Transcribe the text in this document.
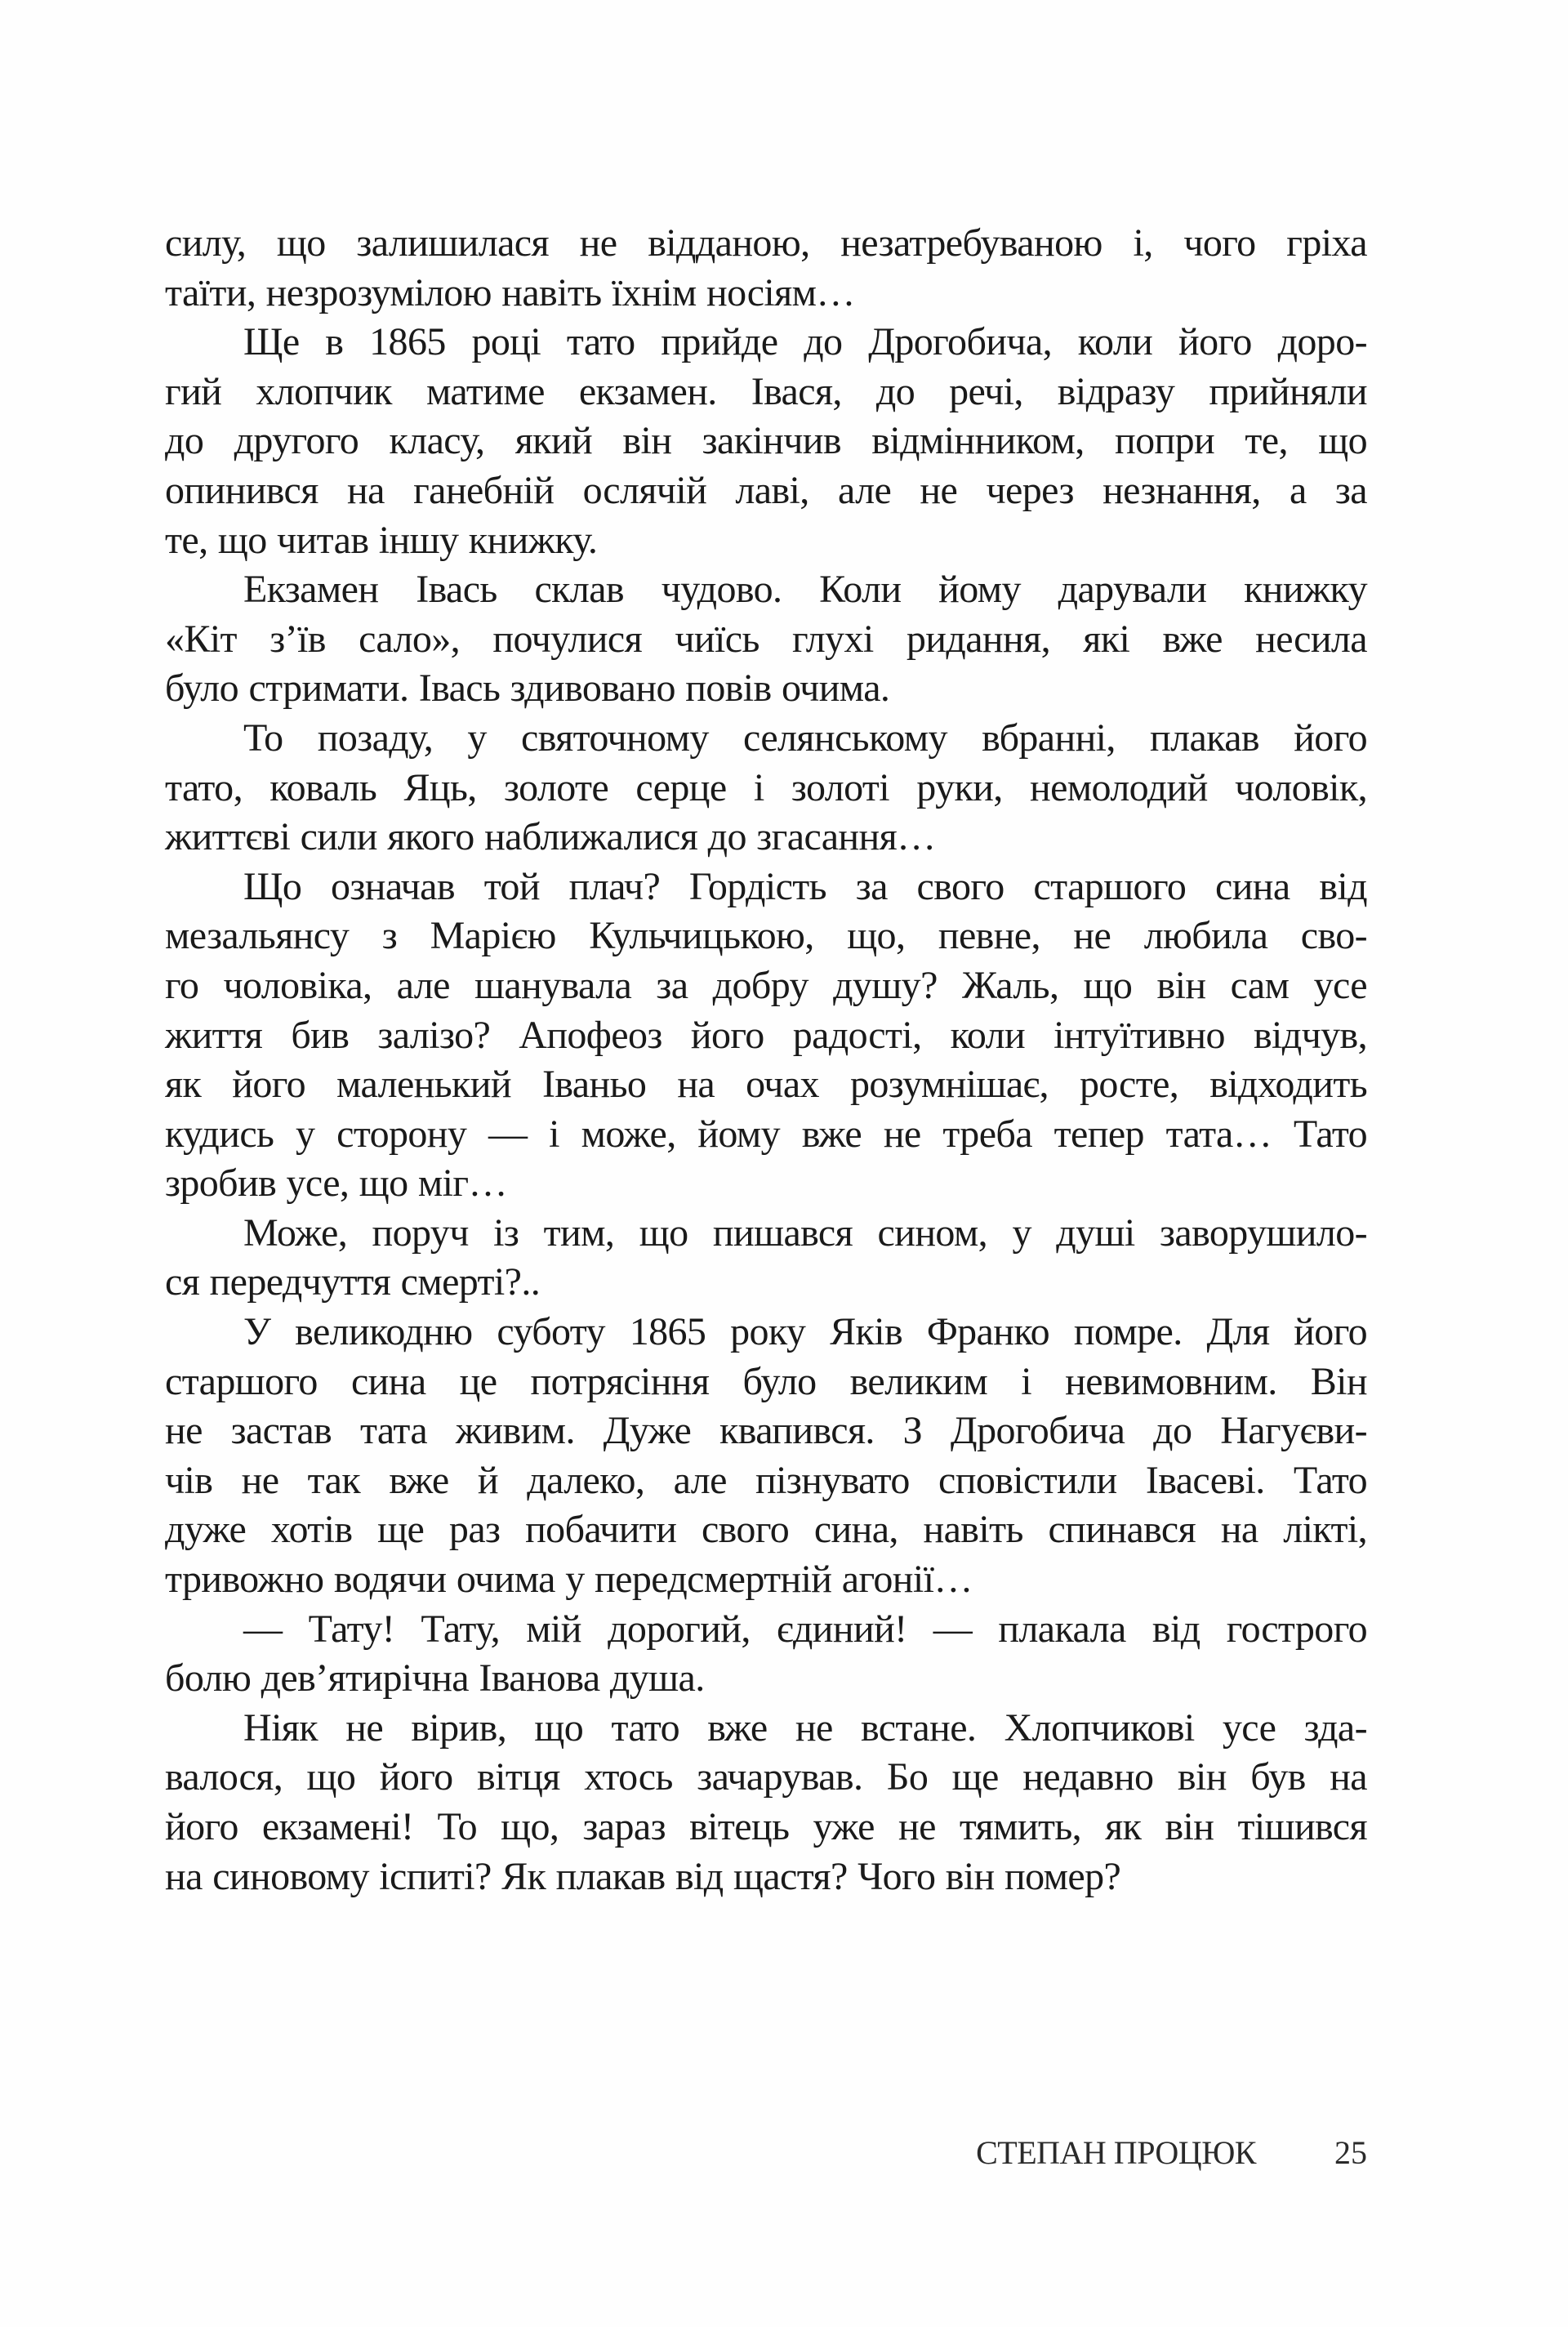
силу, що залишилася не відданою, незатребуваною і, чого гріха
таїти, незрозумілою навіть їхнім носіям…
Ще в 1865 році тато прийде до Дрогобича, коли його доро-
гий хлопчик матиме екзамен. Івася, до речі, відразу прийняли
до другого класу, який він закінчив відмінником, попри те, що
опинився на ганебній ослячій лаві, але не через незнання, а за
те, що читав іншу книжку.
Екзамен Івась склав чудово. Коли йому дарували книжку
«Кіт з’їв сало», почулися чиїсь глухі ридання, які вже несила
було стримати. Івась здивовано повів очима.
То позаду, у святочному селянському вбранні, плакав його
тато, коваль Яць, золоте серце і золоті руки, немолодий чоловік,
життєві сили якого наближалися до згасання…
Що означав той плач? Гордість за свого старшого сина від
мезальянсу з Марією Кульчицькою, що, певне, не любила сво-
го чоловіка, але шанувала за добру душу? Жаль, що він сам усе
життя бив залізо? Апофеоз його радості, коли інтуїтивно відчув,
як його маленький Іваньо на очах розумнішає, росте, відходить
кудись у сторону — і може, йому вже не треба тепер тата… Тато
зробив усе, що міг…
Може, поруч із тим, що пишався сином, у душі заворушило-
ся передчуття смерті?..
У великодню суботу 1865 року Яків Франко помре. Для його
старшого сина це потрясіння було великим і невимовним. Він
не застав тата живим. Дуже квапився. З Дрогобича до Нагуєви-
чів не так вже й далеко, але пізнувато сповістили Івасеві. Тато
дуже хотів ще раз побачити свого сина, навіть спинався на лікті,
тривожно водячи очима у передсмертній агонії…
— Тату! Тату, мій дорогий, єдиний! — плакала від гострого
болю дев’ятирічна Іванова душа.
Ніяк не вірив, що тато вже не встане. Хлопчикові усе зда-
валося, що його вітця хтось зачарував. Бо ще недавно він був на
його екзамені! То що, зараз вітець уже не тямить, як він тішився
на синовому іспиті? Як плакав від щастя? Чого він помер?
СТЕПАН ПРОЦЮК 25
